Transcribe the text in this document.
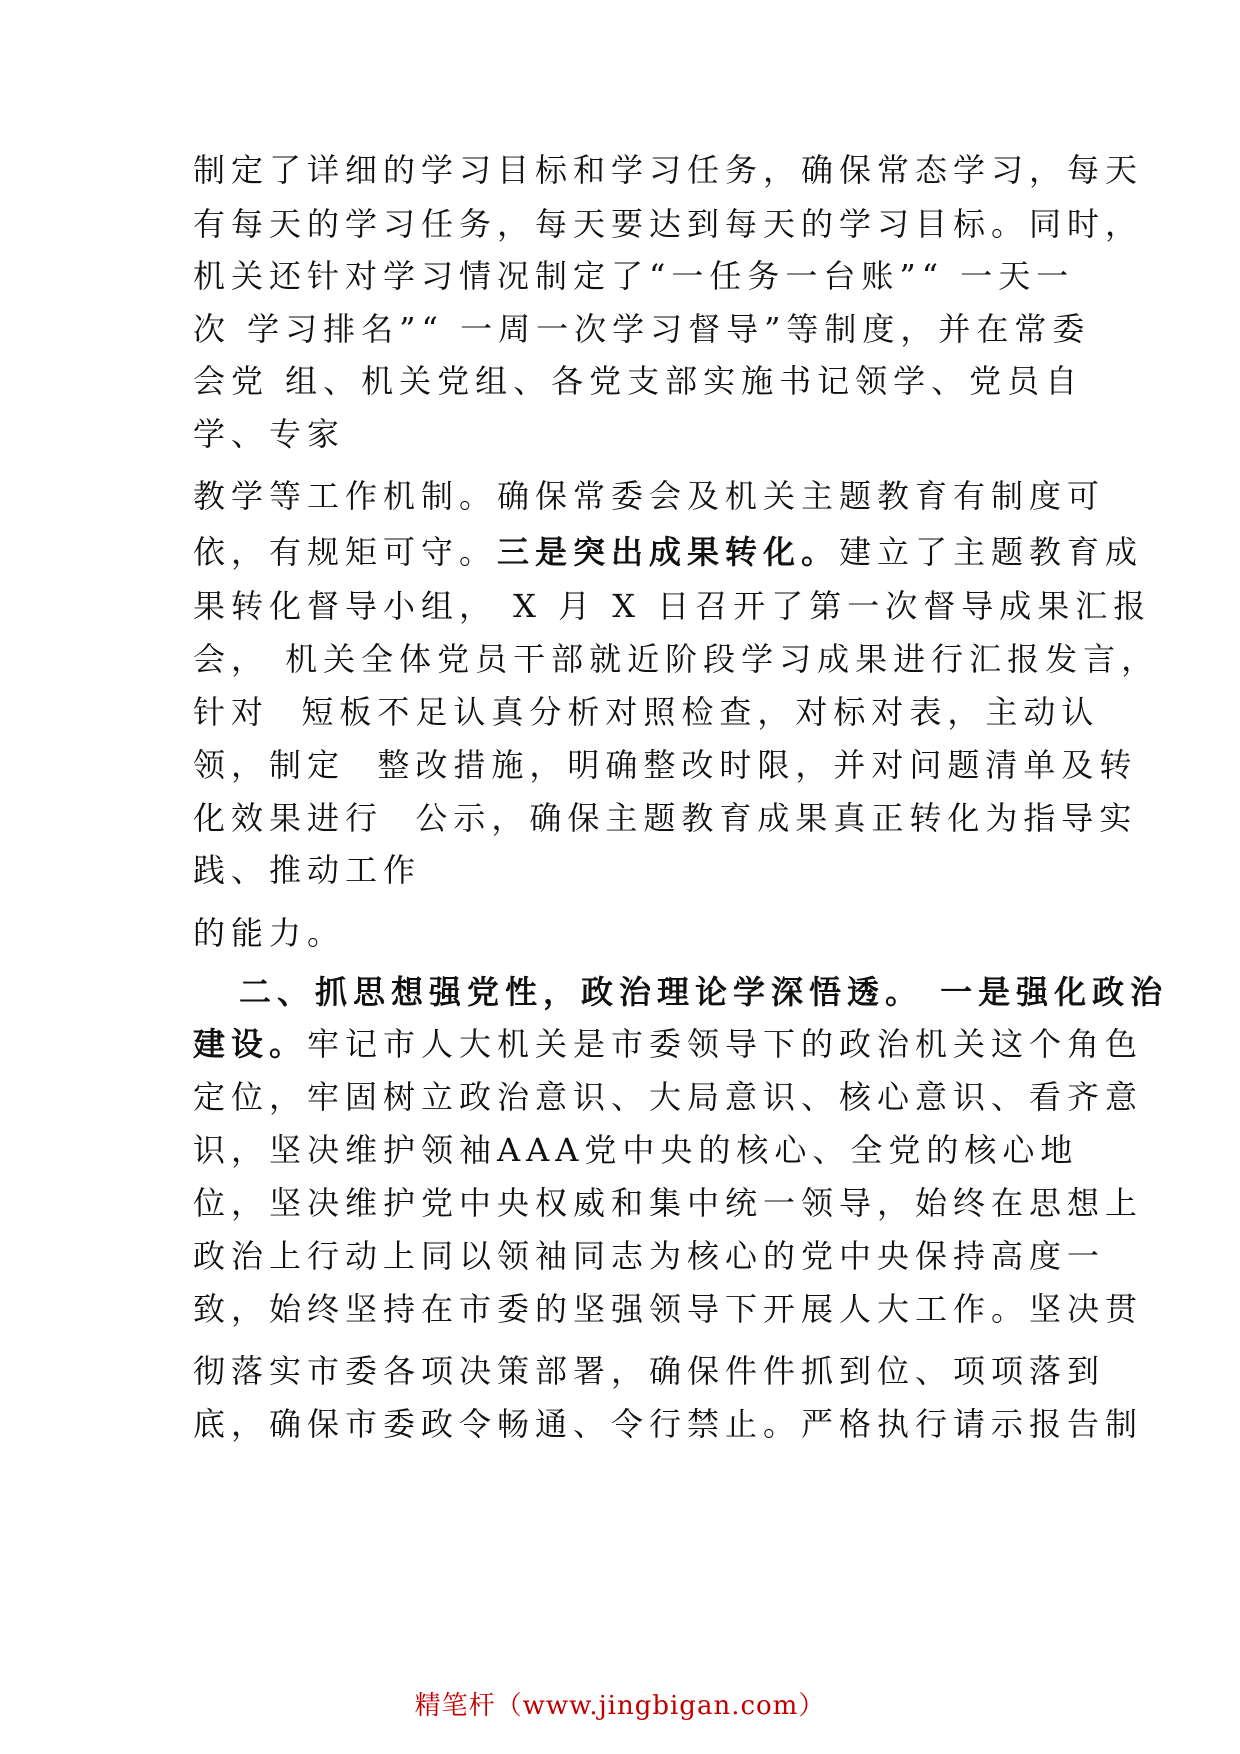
制定了详细的学习目标和学习任务，确保常态学习，每天
有每天的学习任务，每天要达到每天的学习目标。同时，
机关还针对学习情况制定了“一任务一台账”“ 一天一
次 学习排名”“ 一周一次学习督导”等制度，并在常委
会党 组、机关党组、各党支部实施书记领学、党员自
学、专家
教学等工作机制。确保常委会及机关主题教育有制度可
依，有规矩可守。三是突出成果转化。建立了主题教育成
果转化督导小组， X 月 X 日召开了第一次督导成果汇报
会， 机关全体党员干部就近阶段学习成果进行汇报发言，
针对  短板不足认真分析对照检查，对标对表，主动认
领，制定  整改措施，明确整改时限，并对问题清单及转
化效果进行  公示，确保主题教育成果真正转化为指导实
践、推动工作
的能力。
二、抓思想强党性，政治理论学深悟透。 一是强化政治
建设。牢记市人大机关是市委领导下的政治机关这个角色
定位，牢固树立政治意识、大局意识、核心意识、看齐意
识，坚决维护领袖AAA党中央的核心、全党的核心地
位，坚决维护党中央权威和集中统一领导，始终在思想上
政治上行动上同以领袖同志为核心的党中央保持高度一
致，始终坚持在市委的坚强领导下开展人大工作。坚决贯
彻落实市委各项决策部署，确保件件抓到位、项项落到
底，确保市委政令畅通、令行禁止。严格执行请示报告制
精笔杆（www.jingbigan.com）
